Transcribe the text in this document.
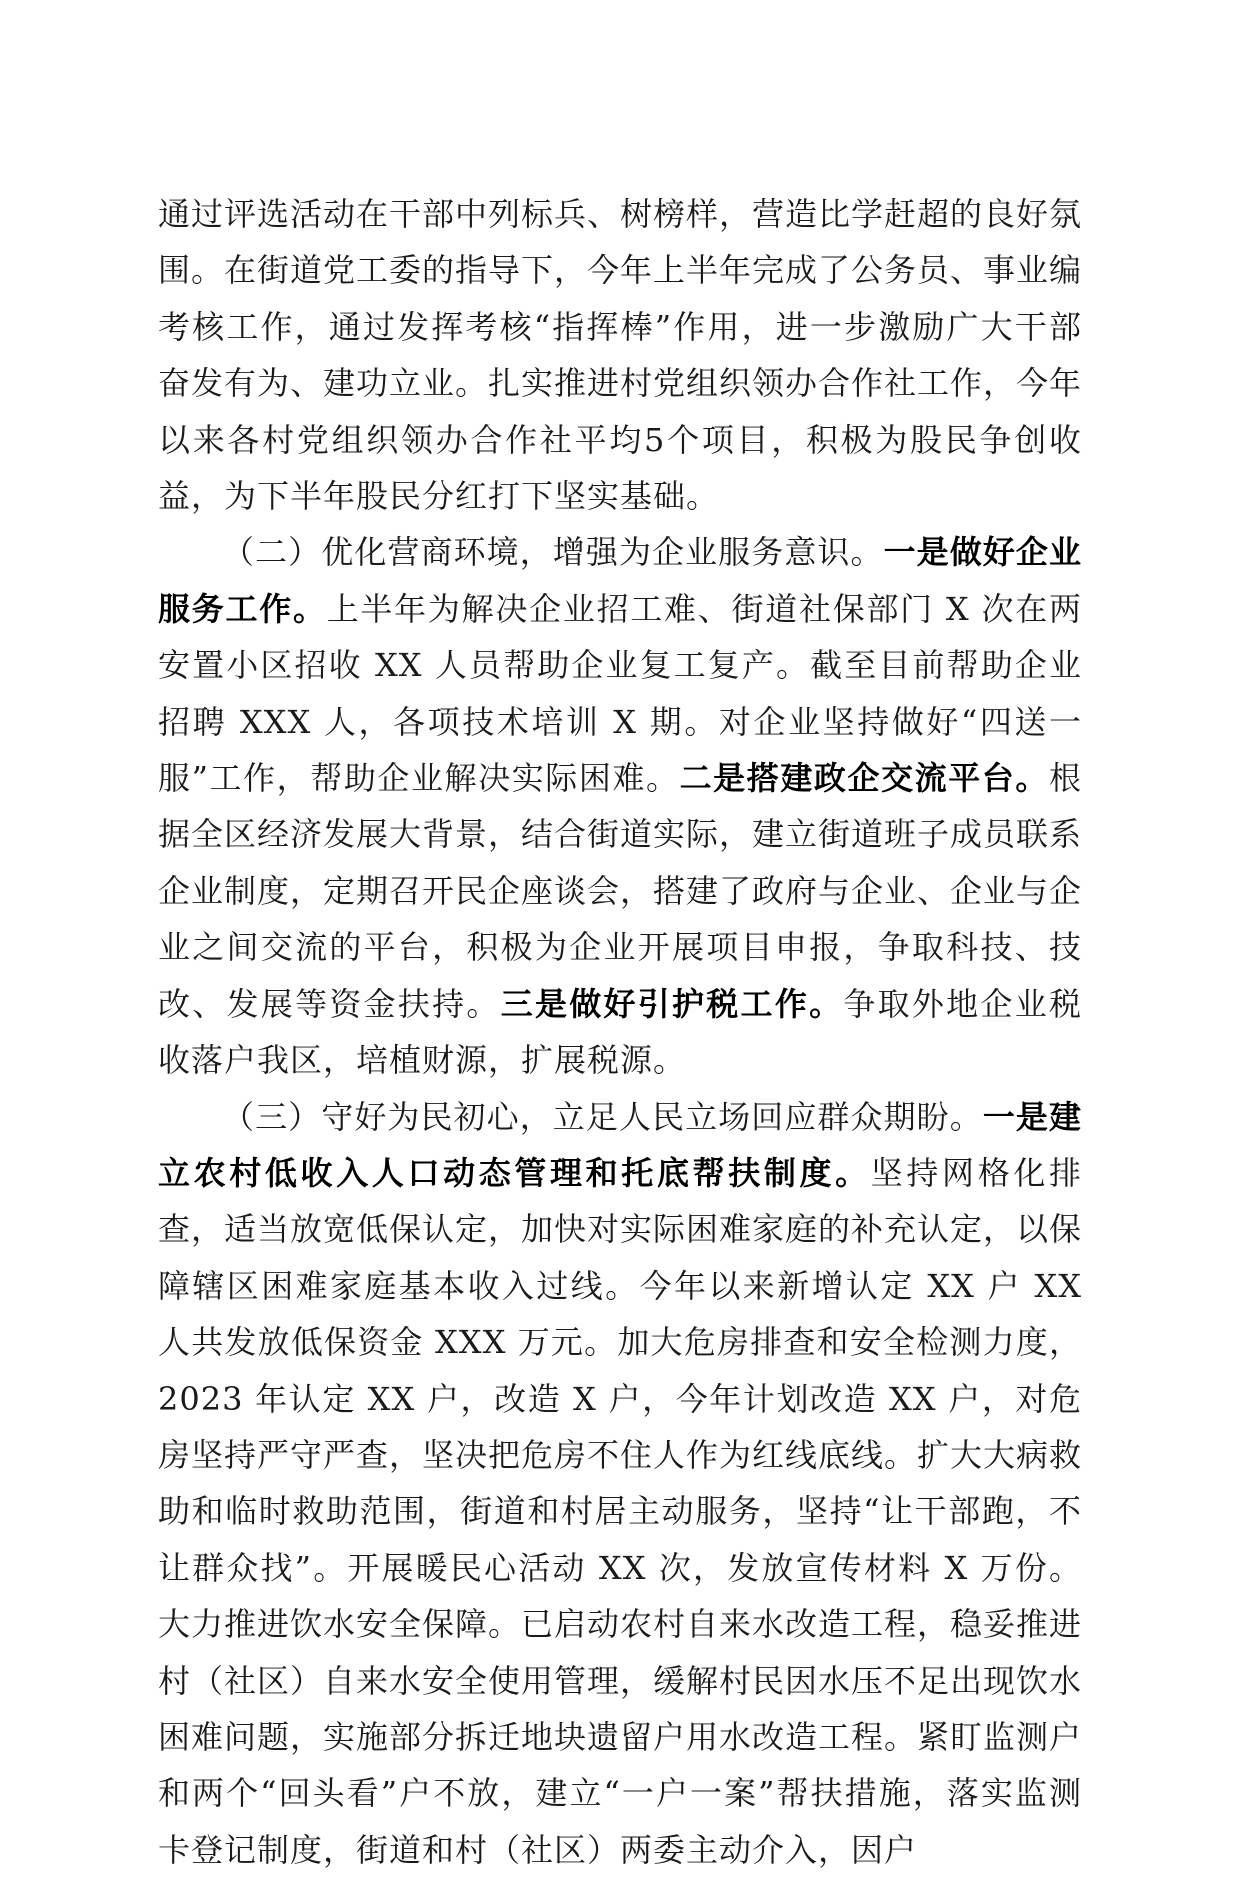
通过评选活动在干部中列标兵、树榜样，营造比学赶超的良好氛围。在街道党工委的指导下，今年上半年完成了公务员、事业编考核工作，通过发挥考核“指挥棒”作用，进一步激励广大干部奋发有为、建功立业。扎实推进村党组织领办合作社工作，今年以来各村党组织领办合作社平均5个项目，积极为股民争创收益，为下半年股民分红打下坚实基础。

（二）优化营商环境，增强为企业服务意识。一是做好企业服务工作。上半年为解决企业招工难、街道社保部门 X 次在两安置小区招收 XX 人员帮助企业复工复产。截至目前帮助企业招聘 XXX 人，各项技术培训 X 期。对企业坚持做好“四送一服”工作，帮助企业解决实际困难。二是搭建政企交流平台。根据全区经济发展大背景，结合街道实际，建立街道班子成员联系企业制度，定期召开民企座谈会，搭建了政府与企业、企业与企业之间交流的平台，积极为企业开展项目申报，争取科技、技改、发展等资金扶持。三是做好引护税工作。争取外地企业税收落户我区，培植财源，扩展税源。

（三）守好为民初心，立足人民立场回应群众期盼。一是建立农村低收入人口动态管理和托底帮扶制度。坚持网格化排查，适当放宽低保认定，加快对实际困难家庭的补充认定，以保障辖区困难家庭基本收入过线。今年以来新增认定 XX 户 XX 人共发放低保资金 XXX 万元。加大危房排查和安全检测力度，2023 年认定 XX 户，改造 X 户，今年计划改造 XX 户，对危房坚持严守严查，坚决把危房不住人作为红线底线。扩大大病救助和临时救助范围，街道和村居主动服务，坚持“让干部跑，不让群众找”。开展暖民心活动 XX 次，发放宣传材料 X 万份。大力推进饮水安全保障。已启动农村自来水改造工程，稳妥推进村（社区）自来水安全使用管理，缓解村民因水压不足出现饮水困难问题，实施部分拆迁地块遗留户用水改造工程。紧盯监测户和两个“回头看”户不放，建立“一户一案”帮扶措施，落实监测卡登记制度，街道和村（社区）两委主动介入，因户
